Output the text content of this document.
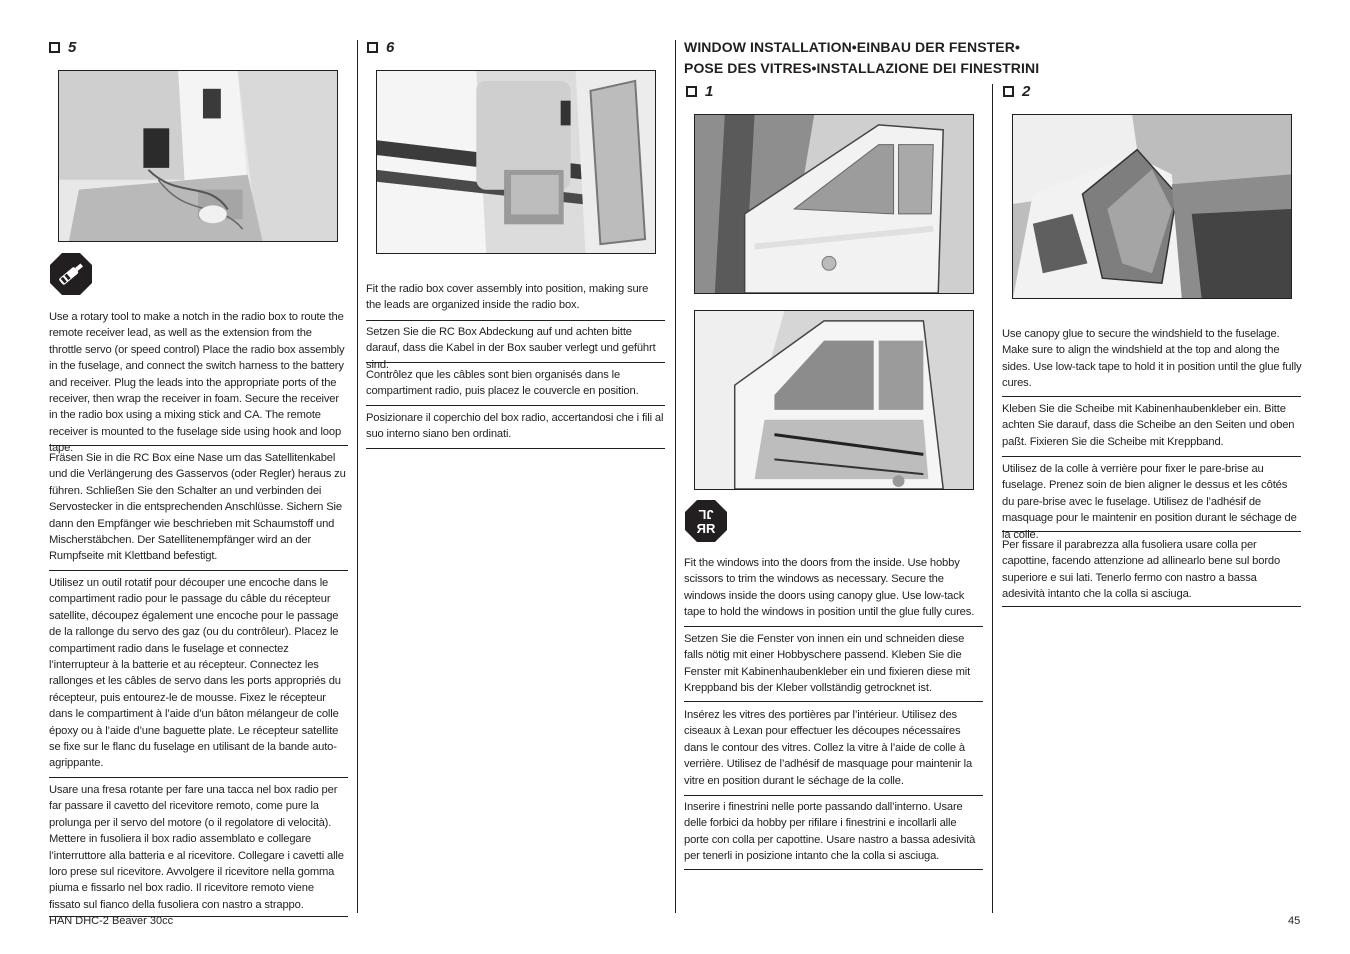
5	6	WINDOW INSTALLATION•EINBAU DER FENSTER•
POSE DES VITRES•INSTALLAZIONE DEI FINESTRINI
1	2
JL
ЯR
Use a rotary tool to make a notch in the radio box to route the remote receiver lead, as well as the extension from the throttle servo (or speed control) Place the radio box assembly in the fuselage, and connect the switch harness to the battery and receiver. Plug the leads into the appropriate ports of the receiver, then wrap the receiver in foam. Secure the receiver in the radio box using a mixing stick and CA. The remote receiver is mounted to the fuselage side using hook and loop tape.
Fräsen Sie in die RC Box eine Nase um das Satellitenkabel und die Verlängerung des Gasservos (oder Regler) heraus zu führen. Schließen Sie den Schalter an und verbinden dei Servostecker in die entsprechenden Anschlüsse. Sichern Sie dann den Empfänger wie beschrieben mit Schaumstoff und Mischerstäbchen. Der Satellitenempfänger wird an der Rumpfseite mit Klettband befestigt.
Utilisez un outil rotatif pour découper une encoche dans le compartiment radio pour le passage du câble du récepteur satellite, découpez également une encoche pour le passage de la rallonge du servo des gaz (ou du contrôleur). Placez le compartiment radio dans le fuselage et connectez l’interrupteur à la batterie et au récepteur. Connectez les rallonges et les câbles de servo dans les ports appropriés du récepteur, puis entourez-le de mousse. Fixez le récepteur dans le compartiment à l’aide d’un bâton mélangeur de colle époxy ou à l’aide d’une baguette plate. Le récepteur satellite se fixe sur le flanc du fuselage en utilisant de la bande auto-agrippante.
Usare una fresa rotante per fare una tacca nel box radio per far passare il cavetto del ricevitore remoto, come pure la prolunga per il servo del motore (o il regolatore di velocità). Mettere in fusoliera il box radio assemblato e collegare l’interruttore alla batteria e al ricevitore. Collegare i cavetti alle loro prese sul ricevitore. Avvolgere il ricevitore nella gomma piuma e fissarlo nel box radio. Il ricevitore remoto viene fissato sul fianco della fusoliera con nastro a strappo.
Fit the radio box cover assembly into position, making sure the leads are organized inside the radio box.
Setzen Sie die RC Box Abdeckung auf und achten bitte darauf, dass die Kabel in der Box sauber verlegt und geführt sind.
Contrôlez que les câbles sont bien organisés dans le compartiment radio, puis placez le couvercle en position.
Posizionare il coperchio del box radio, accertandosi che i fili al suo interno siano ben ordinati.
Fit the windows into the doors from the inside. Use hobby scissors to trim the windows as necessary. Secure the windows inside the doors using canopy glue. Use low-tack tape to hold the windows in position until the glue fully cures.
Setzen Sie die Fenster von innen ein und schneiden diese falls nötig mit einer Hobbyschere passend. Kleben Sie die Fenster mit Kabinenhaubenkleber ein und fixieren diese mit Kreppband bis der Kleber vollständig getrocknet ist.
Insérez les vitres des portières par l’intérieur. Utilisez des ciseaux à Lexan pour effectuer les découpes nécessaires dans le contour des vitres. Collez la vitre à l’aide de colle à verrière. Utilisez de l’adhésif de masquage pour maintenir la vitre en position durant le séchage de la colle.
Inserire i finestrini nelle porte passando dall’interno. Usare delle forbici da hobby per rifilare i finestrini e incollarli alle porte con colla per capottine. Usare nastro a bassa adesività per tenerli in posizione intanto che la colla si asciuga.
Use canopy glue to secure the windshield to the fuselage. Make sure to align the windshield at the top and along the sides. Use low-tack tape to hold it in position until the glue fully cures.
Kleben Sie die Scheibe mit Kabinenhaubenkleber ein. Bitte achten Sie darauf, dass die Scheibe an den Seiten und oben paßt. Fixieren Sie die Scheibe mit Kreppband.
Utilisez de la colle à verrière pour fixer le pare-brise au fuselage. Prenez soin de bien aligner le dessus et les côtés du pare-brise avec le fuselage. Utilisez de l’adhésif de masquage pour le maintenir en position durant le séchage de la colle.
Per fissare il parabrezza alla fusoliera usare colla per capottine, facendo attenzione ad allinearlo bene sul bordo superiore e sui lati. Tenerlo fermo con nastro a bassa adesività intanto che la colla si asciuga.
HAN DHC-2 Beaver 30cc	45
